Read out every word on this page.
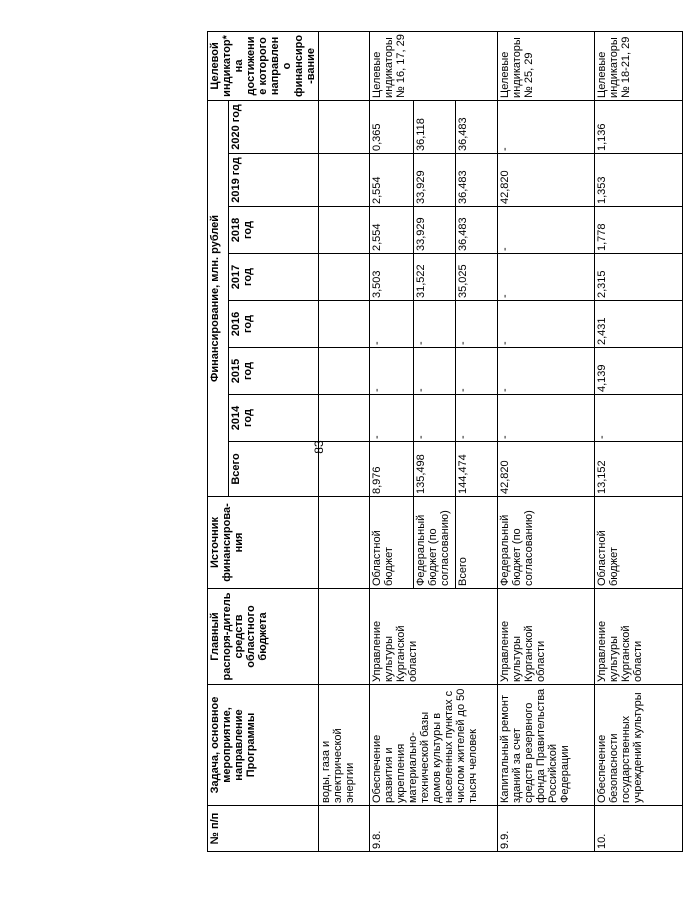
83
№ п/п	Задача, основное мероприятие, направление Программы	Главный распоря-дитель средств областного бюджета	Источник финансирова-ния	Финансирование, млн. рублей								Целевой индикатор* на достижение которого направлено финансиро-вание
				Всего	2014 год	2015 год	2016 год	2017 год	2018 год	2019 год	2020 год	
	воды, газа и электрической энергии											
9.8.	Обеспечение развития и укрепления материально-технической базы домов культуры в населенных пунктах с числом жителей до 50 тысяч человек	Управление культуры Курганской области	Областной бюджет	8,976	-	-	-	3,503	2,554	2,554	0,365	Целевые индикаторы № 16, 17, 29
			Федеральный бюджет (по согласованию)	135,498	-	-	-	31,522	33,929	33,929	36,118	
			Всего	144,474	-	-	-	35,025	36,483	36,483	36,483	
9.9.	Капитальный ремонт зданий за счет средств резервного фонда Правительства Российской Федерации	Управление культуры Курганской области	Федеральный бюджет (по согласованию)	42,820	-	-	-	-	-	42,820	-	Целевые индикаторы № 25, 29
10.	Обеспечение безопасности государственных учреждений культуры	Управление культуры Курганской области	Областной бюджет	13,152	-	4,139	2,431	2,315	1,778	1,353	1,136	Целевые индикаторы № 18-21, 29
